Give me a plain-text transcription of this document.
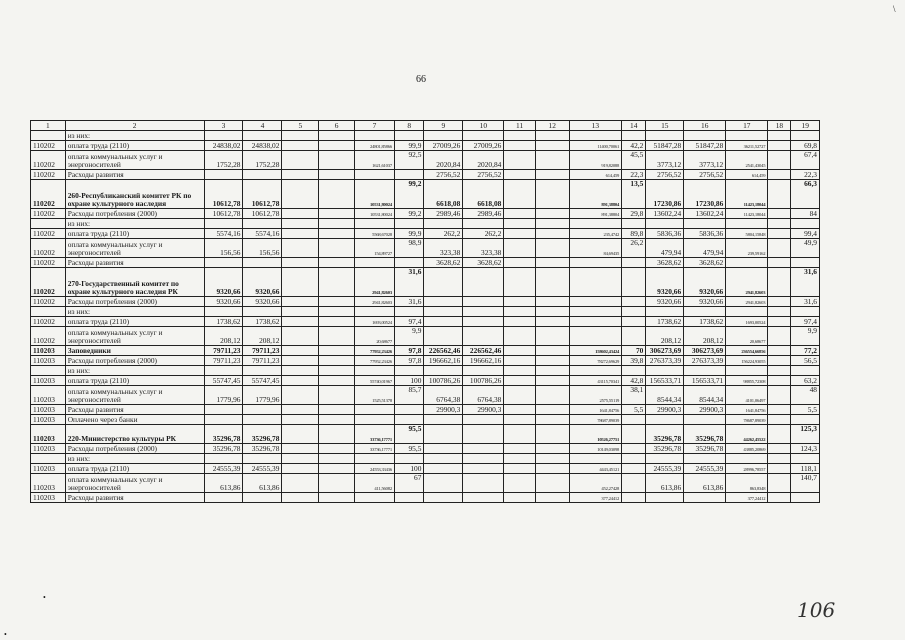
\
66
1	2	3	4	5	6	7	8	9	10	11	12	13	14	15	16	17	18	19
	из них:																	
110202	оплата труда (2110)	24838,02	24838,02			24801,85866	99,9	27009,26	27009,26			11400,70061	42,2	51847,28	51847,28	36211,52727		69,8
110202	оплата коммунальных услуг и энергоносителей	1752,28	1752,28			1621,61037	92,5	2020,84	2020,84			919,82088	45,5	3773,12	3773,12	2541,43045		67,4
110202	Расходы развития							2756,52	2756,52			614,459	22,3	2756,52	2756,52	614,459		22,3
110202	260-Республиканский комитет РК по охране культурного наследия	10612,78	10612,78			10531,80024	99,2	6618,08	6618,08			891,38804	13,5	17230,86	17230,86	11423,18044		66,3
110202	Расходы потребления (2000)	10612,78	10612,78			10531,80024	99,2	2989,46	2989,46			891,38804	29,8	13602,24	13602,24	11423,18044		84
	из них:																	
110202	оплата труда (2110)	5574,16	5574,16			5568,67028	99,9	262,2	262,2			235,4742	89,8	5836,36	5836,36	5804,15848		99,4
110202	оплата коммунальных услуг и энергоносителей	156,56	156,56			154,89727	98,9	323,38	323,38			84,69435	26,2	479,94	479,94	239,59162		49,9
110202	Расходы развития							3628,62	3628,62					3628,62	3628,62			
110202	270-Государственный комитет по охране культурного наследия РК	9320,66	9320,66			2941,82603	31,6							9320,66	9320,66	2941,82603		31,6
110202	Расходы потребления (2000)	9320,66	9320,66			2941,82603	31,6							9320,66	9320,66	2941,82603		31,6
	из них:																	
110202	оплата труда (2110)	1738,62	1738,62			1693,00524	97,4							1738,62	1738,62	1693,00524		97,4
110202	оплата коммунальных услуг и энергоносителей	208,12	208,12			20,68677	9,9							208,12	208,12	20,68677		9,9
110203	Заповедники	79711,23	79711,23			77952,23426	97,8	226562,46	226562,46			158602,43424	70	306273,69	306273,69	236554,66856		77,2
110203	Расходы потребления (2000)	79711,23	79711,23			77952,23426	97,8	196662,16	196662,16			78272,69629	39,8	276373,39	276373,39	156224,93055		56,5
	из них:																	
110203	оплата труда (2110)	55747,45	55747,45			55740,01967	100	100786,26	100786,26			43115,70341	42,8	156533,71	156533,71	98855,72308		63,2
110203	оплата коммунальных услуг и энергоносителей	1779,96	1779,96			1525,51378	85,7	6764,38	6764,38			2575,55119	38,1	8544,34	8544,34	4101,06497		48
110203	Расходы развития							29900,3	29900,3			1641,84756	5,5	29900,3	29900,3	1641,84756		5,5
110203	Оплачено через банки											78687,89039				78687,89039		
110203	220-Министерство культуры РК	35296,78	35296,78			33736,17771	95,5					10526,27751		35296,78	35296,78	44262,45522		125,3
110203	Расходы потребления (2000)	35296,78	35296,78			33736,17771	95,5					10149,03098		35296,78	35296,78	43885,20869		124,3
	из них:																	
110203	оплата труда (2110)	24555,39	24555,39			24553,33436	100					4443,45121		24555,39	24555,39	28996,78557		118,1
110203	оплата коммунальных услуг и энергоносителей	613,86	613,86			411,56082	67					452,27428		613,86	613,86	863,8348		140,7
110203	Расходы развития											377,24412				377,24412		
•
106
•
